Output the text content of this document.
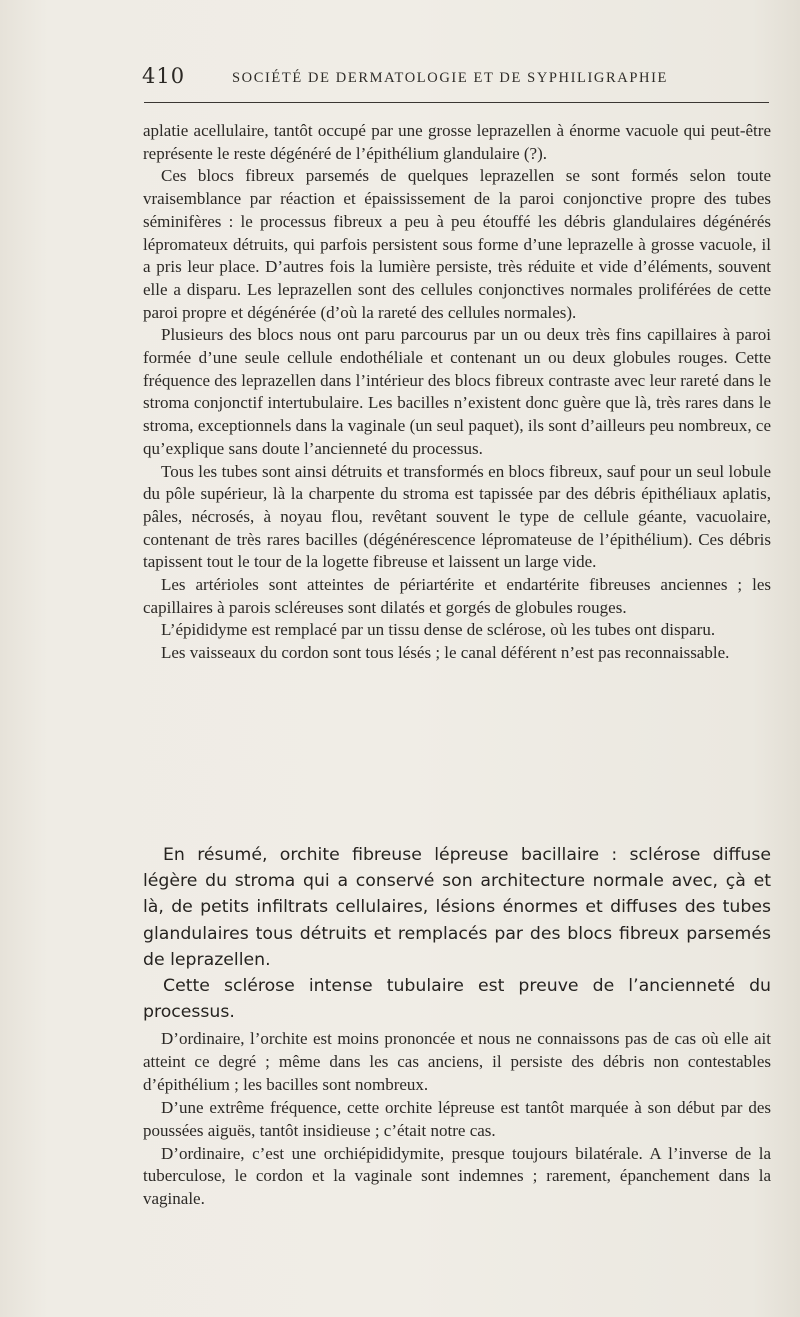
410	SOCIÉTÉ DE DERMATOLOGIE ET DE SYPHILIGRAPHIE

aplatie acellulaire, tantôt occupé par une grosse leprazellen à énorme vacuole qui peut-être représente le reste dégénéré de l’épithélium glandulaire (?).

Ces blocs fibreux parsemés de quelques leprazellen se sont formés selon toute vraisemblance par réaction et épaississement de la paroi conjonctive propre des tubes séminifères : le processus fibreux a peu à peu étouffé les débris glandulaires dégénérés lépromateux détruits, qui parfois persistent sous forme d’une leprazelle à grosse vacuole, il a pris leur place. D’autres fois la lumière persiste, très réduite et vide d’éléments, souvent elle a disparu. Les leprazellen sont des cellules conjonctives normales proliférées de cette paroi propre et dégénérée (d’où la rareté des cellules normales).

Plusieurs des blocs nous ont paru parcourus par un ou deux très fins capillaires à paroi formée d’une seule cellule endothéliale et contenant un ou deux globules rouges. Cette fréquence des leprazellen dans l’intérieur des blocs fibreux contraste avec leur rareté dans le stroma conjonctif intertubulaire. Les bacilles n’existent donc guère que là, très rares dans le stroma, exceptionnels dans la vaginale (un seul paquet), ils sont d’ailleurs peu nombreux, ce qu’explique sans doute l’ancienneté du processus.

Tous les tubes sont ainsi détruits et transformés en blocs fibreux, sauf pour un seul lobule du pôle supérieur, là la charpente du stroma est tapissée par des débris épithéliaux aplatis, pâles, nécrosés, à noyau flou, revêtant souvent le type de cellule géante, vacuolaire, contenant de très rares bacilles (dégénérescence lépromateuse de l’épithélium). Ces débris tapissent tout le tour de la logette fibreuse et laissent un large vide.

Les artérioles sont atteintes de périartérite et endartérite fibreuses anciennes ; les capillaires à parois scléreuses sont dilatés et gorgés de globules rouges.

L’épididyme est remplacé par un tissu dense de sclérose, où les tubes ont disparu.

Les vaisseaux du cordon sont tous lésés ; le canal déférent n’est pas reconnaissable.

En résumé, orchite fibreuse lépreuse bacillaire : sclérose diffuse légère du stroma qui a conservé son architecture normale avec, çà et là, de petits infiltrats cellulaires, lésions énormes et diffuses des tubes glandulaires tous détruits et remplacés par des blocs fibreux parsemés de leprazellen.

Cette sclérose intense tubulaire est preuve de l’ancienneté du processus.

D’ordinaire, l’orchite est moins prononcée et nous ne connaissons pas de cas où elle ait atteint ce degré ; même dans les cas anciens, il persiste des débris non contestables d’épithélium ; les bacilles sont nombreux.

D’une extrême fréquence, cette orchite lépreuse est tantôt marquée à son début par des poussées aiguës, tantôt insidieuse ; c’était notre cas.

D’ordinaire, c’est une orchiépididymite, presque toujours bilatérale. A l’inverse de la tuberculose, le cordon et la vaginale sont indemnes ; rarement, épanchement dans la vaginale.
